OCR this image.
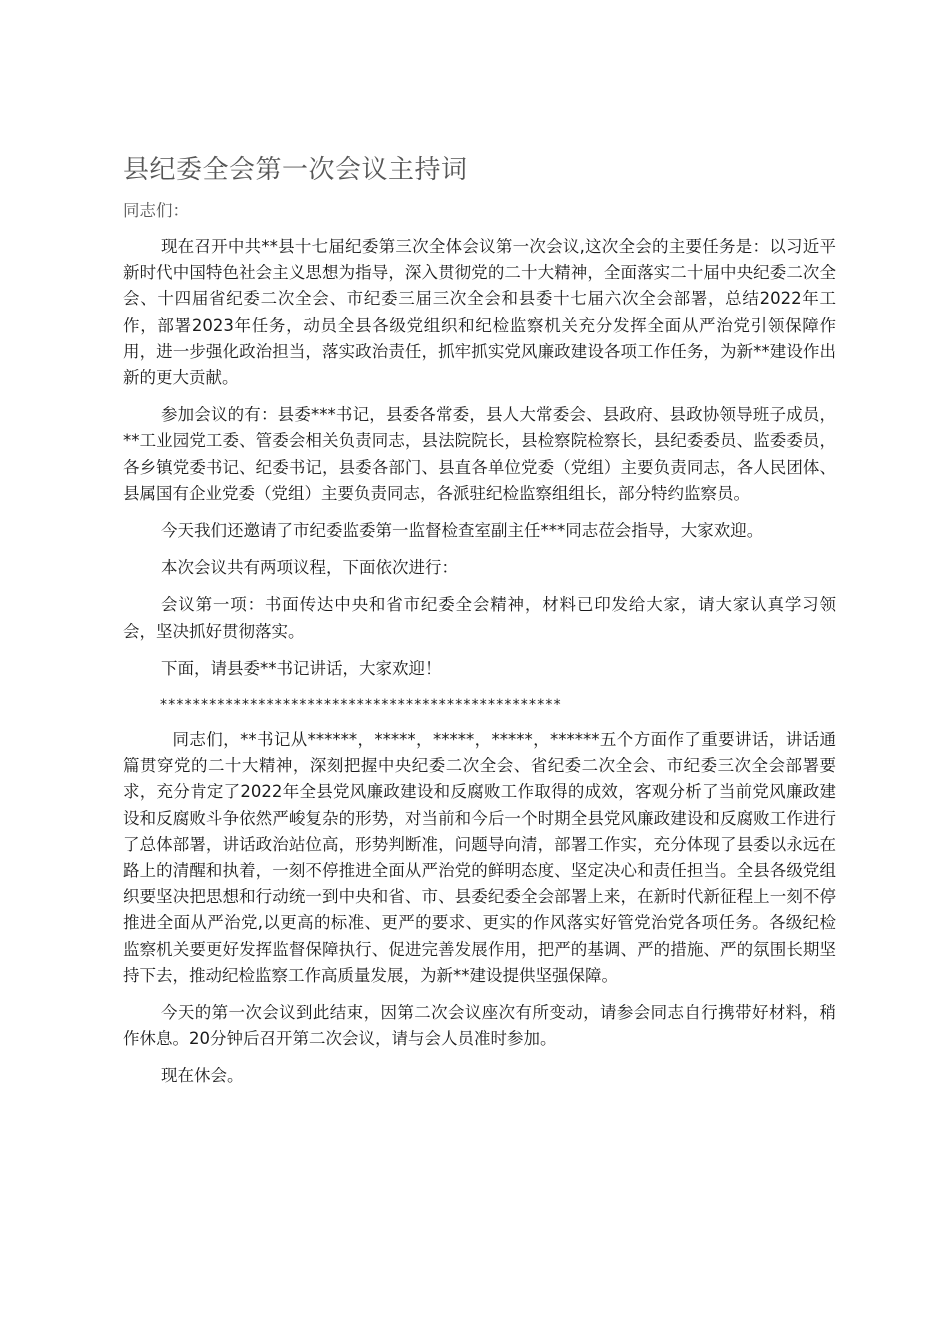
县纪委全会第一次会议主持词

同志们：

现在召开中共**县十七届纪委第三次全体会议第一次会议,这次全会的主要任务是：以习近平新时代中国特色社会主义思想为指导，深入贯彻党的二十大精神，全面落实二十届中央纪委二次全会、十四届省纪委二次全会、市纪委三届三次全会和县委十七届六次全会部署，总结2022年工作，部署2023年任务，动员全县各级党组织和纪检监察机关充分发挥全面从严治党引领保障作用，进一步强化政治担当，落实政治责任，抓牢抓实党风廉政建设各项工作任务，为新**建设作出新的更大贡献。

参加会议的有：县委***书记，县委各常委，县人大常委会、县政府、县政协领导班子成员，**工业园党工委、管委会相关负责同志，县法院院长，县检察院检察长，县纪委委员、监委委员，各乡镇党委书记、纪委书记，县委各部门、县直各单位党委（党组）主要负责同志，各人民团体、县属国有企业党委（党组）主要负责同志，各派驻纪检监察组组长，部分特约监察员。

今天我们还邀请了市纪委监委第一监督检查室副主任***同志莅会指导，大家欢迎。

本次会议共有两项议程，下面依次进行：

会议第一项：书面传达中央和省市纪委全会精神，材料已印发给大家，请大家认真学习领会，坚决抓好贯彻落实。

下面，请县委**书记讲话，大家欢迎！

*************************************************

同志们，**书记从******，*****，*****，*****，******五个方面作了重要讲话，讲话通篇贯穿党的二十大精神，深刻把握中央纪委二次全会、省纪委二次全会、市纪委三次全会部署要求，充分肯定了2022年全县党风廉政建设和反腐败工作取得的成效，客观分析了当前党风廉政建设和反腐败斗争依然严峻复杂的形势，对当前和今后一个时期全县党风廉政建设和反腐败工作进行了总体部署，讲话政治站位高，形势判断准，问题导向清，部署工作实，充分体现了县委以永远在路上的清醒和执着，一刻不停推进全面从严治党的鲜明态度、坚定决心和责任担当。全县各级党组织要坚决把思想和行动统一到中央和省、市、县委纪委全会部署上来，在新时代新征程上一刻不停推进全面从严治党,以更高的标准、更严的要求、更实的作风落实好管党治党各项任务。各级纪检监察机关要更好发挥监督保障执行、促进完善发展作用，把严的基调、严的措施、严的氛围长期坚持下去，推动纪检监察工作高质量发展，为新**建设提供坚强保障。

今天的第一次会议到此结束，因第二次会议座次有所变动，请参会同志自行携带好材料，稍作休息。20分钟后召开第二次会议，请与会人员准时参加。

现在休会。
